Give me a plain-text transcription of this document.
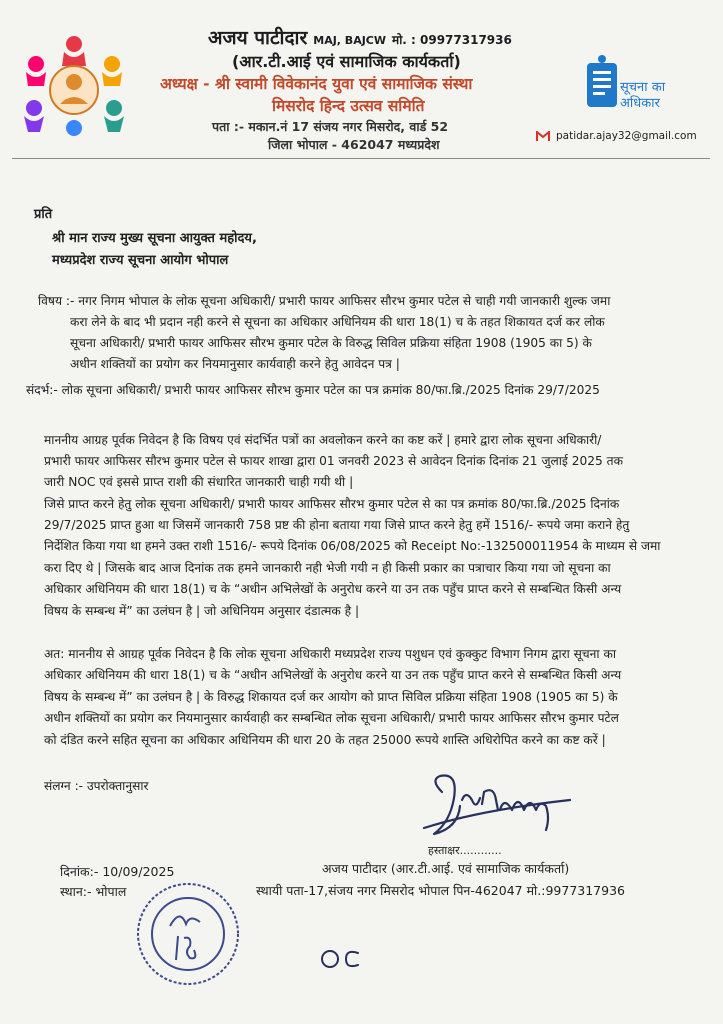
अजय पाटीदार MAJ, BAJCW मो. : 09977317936
(आर.टी.आई एवं सामाजिक कार्यकर्ता)
अध्यक्ष - श्री स्वामी विवेकानंद युवा एवं सामाजिक संस्था
मिसरोद हिन्द उत्सव समिति
पता :- मकान.नं 17 संजय नगर मिसरोद, वार्ड 52
जिला भोपाल - 462047 मध्यप्रदेश
सूचना का
अधिकार
patidar.ajay32@gmail.com
प्रति
श्री मान राज्य मुख्य सूचना आयुक्त महोदय,
मध्यप्रदेश राज्य सूचना आयोग भोपाल
विषय :- नगर निगम भोपाल के लोक सूचना अधिकारी/ प्रभारी फायर आफिसर सौरभ कुमार पटेल से चाही गयी जानकारी शुल्क जमा
करा लेने के बाद भी प्रदान नही करने से सूचना का अधिकार अधिनियम की धारा 18(1) च के तहत शिकायत दर्ज कर लोक
सूचना अधिकारी/ प्रभारी फायर आफिसर सौरभ कुमार पटेल के विरुद्ध सिविल प्रक्रिया संहिता 1908 (1905 का 5) के
अधीन शक्तियों का प्रयोग कर नियमानुसार कार्यवाही करने हेतु आवेदन पत्र |
संदर्भ:- लोक सूचना अधिकारी/ प्रभारी फायर आफिसर सौरभ कुमार पटेल का पत्र क्रमांक 80/फा.ब्रि./2025 दिनांक 29/7/2025
माननीय आग्रह पूर्वक निवेदन है कि विषय एवं संदर्भित पत्रों का अवलोकन करने का कष्ट करें | हमारे द्वारा लोक सूचना अधिकारी/
प्रभारी फायर आफिसर सौरभ कुमार पटेल से फायर शाखा द्वारा 01 जनवरी 2023 से आवेदन दिनांक दिनांक 21 जुलाई 2025 तक
जारी NOC एवं इससे प्राप्त राशी की संधारित जानकारी चाही गयी थी |
जिसे प्राप्त करने हेतु लोक सूचना अधिकारी/ प्रभारी फायर आफिसर सौरभ कुमार पटेल से का पत्र क्रमांक 80/फा.ब्रि./2025 दिनांक
29/7/2025 प्राप्त हुआ था जिसमें जानकारी 758 प्रष्ट की होना बताया गया जिसे प्राप्त करने हेतु हमें 1516/- रूपये जमा कराने हेतु
निर्देशित किया गया था हमने उक्त राशी 1516/- रूपये दिनांक 06/08/2025 को Receipt No:-132500011954 के माध्यम से जमा
करा दिए थे | जिसके बाद आज दिनांक तक हमने जानकारी नही भेजी गयी न ही किसी प्रकार का पत्राचार किया गया जो सूचना का
अधिकार अधिनियम की धारा 18(1) च के “अधीन अभिलेखों के अनुरोध करने या उन तक पहुँच प्राप्त करने से सम्बन्धित किसी अन्य
विषय के सम्बन्ध में” का उलंघन है | जो अधिनियम अनुसार दंडात्मक है |
अत: माननीय से आग्रह पूर्वक निवेदन है कि लोक सूचना अधिकारी मध्यप्रदेश राज्य पशुधन एवं कुक्कुट विभाग निगम द्वारा सूचना का
अधिकार अधिनियम की धारा 18(1) च के “अधीन अभिलेखों के अनुरोध करने या उन तक पहुँच प्राप्त करने से सम्बन्धित किसी अन्य
विषय के सम्बन्ध में” का उलंघन है | के विरुद्ध शिकायत दर्ज कर आयोग को प्राप्त सिविल प्रक्रिया संहिता 1908 (1905 का 5) के
अधीन शक्तियों का प्रयोग कर नियमानुसार कार्यवाही कर सम्बन्धित लोक सूचना अधिकारी/ प्रभारी फायर आफिसर सौरभ कुमार पटेल
को दंडित करने सहित सूचना का अधिकार अधिनियम की धारा 20 के तहत 25000 रूपये शास्ति अधिरोपित करने का कष्ट करें |
संलग्न :- उपरोक्तानुसार
हस्ताक्षर............
अजय पाटीदार (आर.टी.आई. एवं सामाजिक कार्यकर्ता)
स्थायी पता-17,संजय नगर मिसरोद भोपाल पिन-462047 मो.:9977317936
दिनांक:- 10/09/2025
स्थान:- भोपाल
